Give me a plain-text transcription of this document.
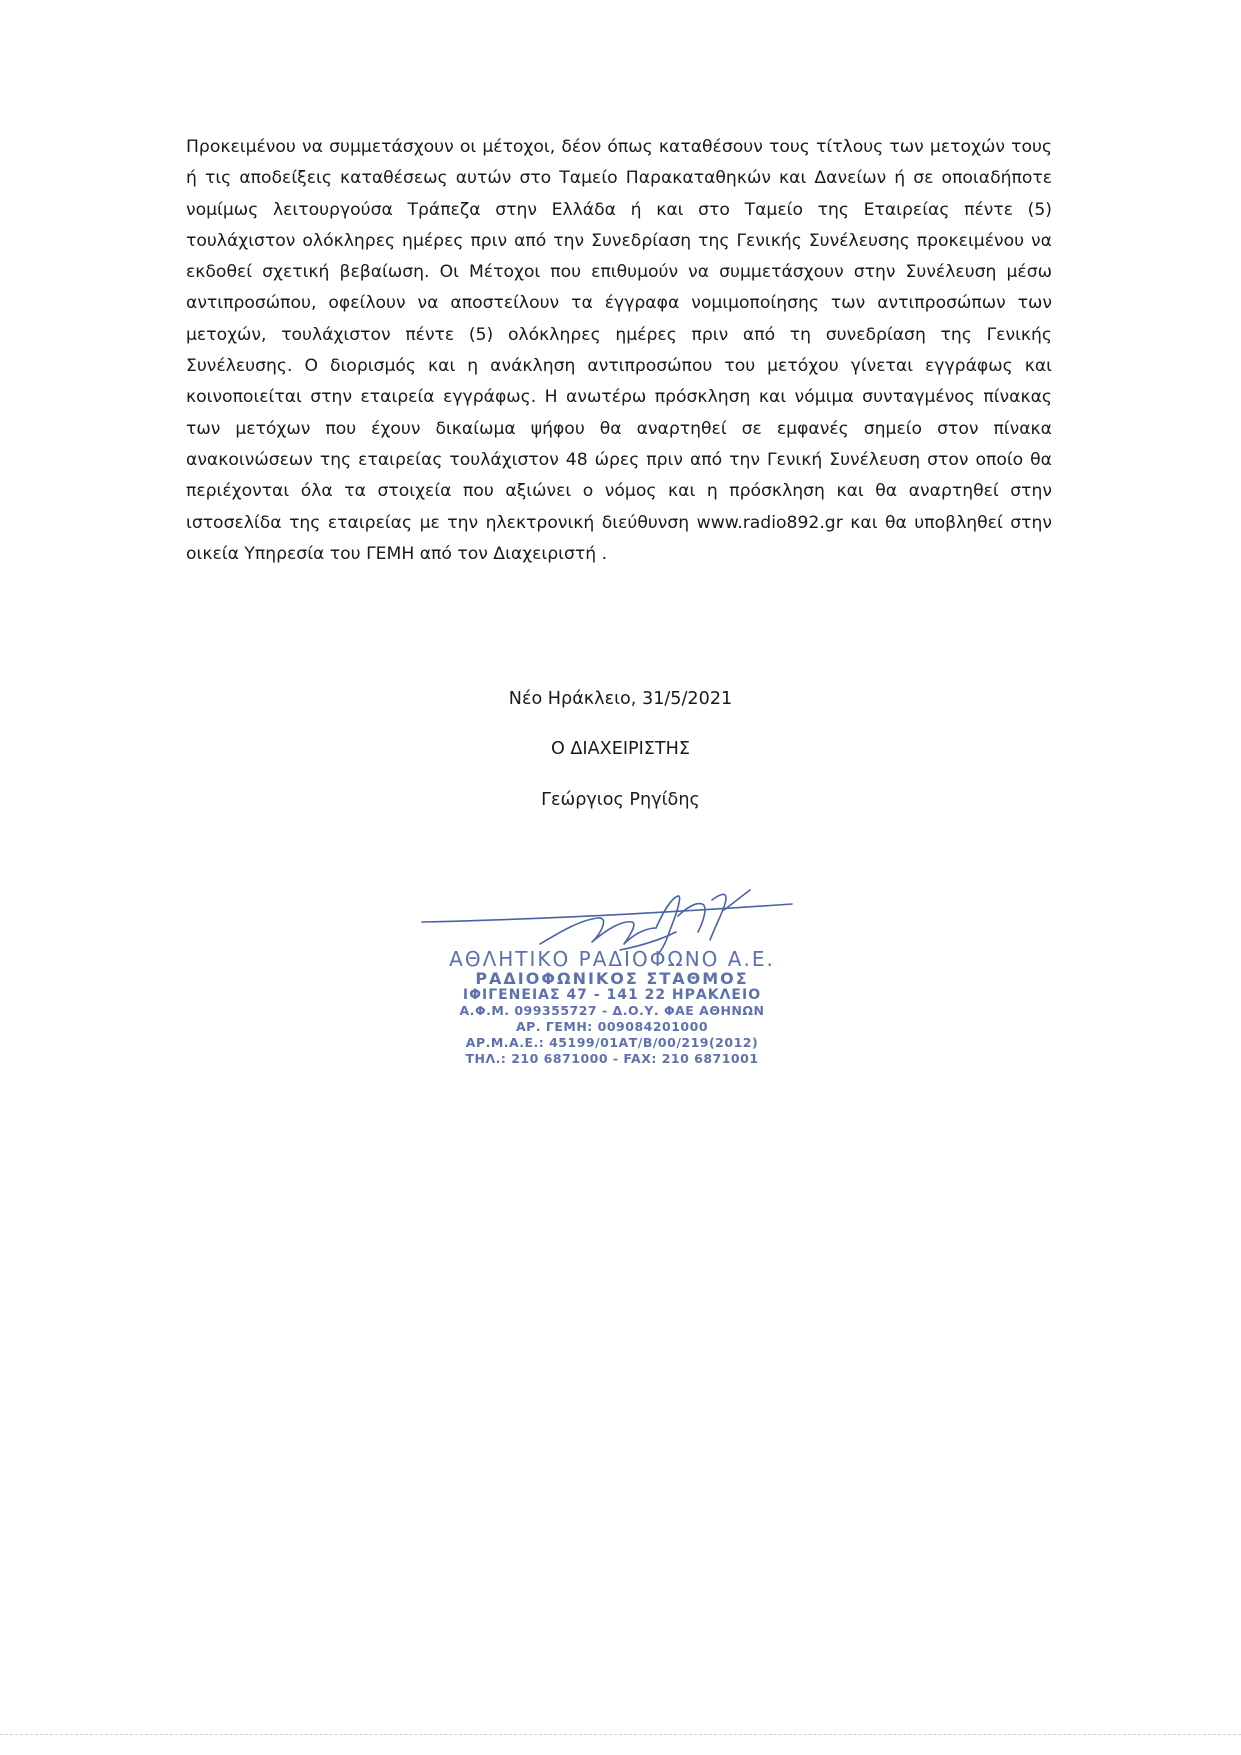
Προκειμένου να συμμετάσχουν οι μέτοχοι, δέον όπως καταθέσουν τους τίτλους των μετοχών τους ή τις αποδείξεις καταθέσεως αυτών στο Ταμείο Παρακαταθηκών και Δανείων ή σε οποιαδήποτε νομίμως λειτουργούσα Τράπεζα στην Ελλάδα ή και στο Ταμείο της Εταιρείας πέντε (5) τουλάχιστον ολόκληρες ημέρες πριν από την Συνεδρίαση της Γενικής Συνέλευσης προκειμένου να εκδοθεί σχετική βεβαίωση. Οι Μέτοχοι που επιθυμούν να συμμετάσχουν στην Συνέλευση μέσω αντιπροσώπου, οφείλουν να αποστείλουν τα έγγραφα νομιμοποίησης των αντιπροσώπων των μετοχών, τουλάχιστον πέντε (5) ολόκληρες ημέρες πριν από τη συνεδρίαση της Γενικής Συνέλευσης. Ο διορισμός και η ανάκληση αντιπροσώπου του μετόχου γίνεται εγγράφως και κοινοποιείται στην εταιρεία εγγράφως. Η ανωτέρω πρόσκληση και νόμιμα συνταγμένος πίνακας των μετόχων που έχουν δικαίωμα ψήφου θα αναρτηθεί σε εμφανές σημείο στον πίνακα ανακοινώσεων της εταιρείας τουλάχιστον 48 ώρες πριν από την Γενική Συνέλευση στον οποίο θα περιέχονται όλα τα στοιχεία που αξιώνει ο νόμος και η πρόσκληση και θα αναρτηθεί στην ιστοσελίδα της εταιρείας με την ηλεκτρονική διεύθυνση www.radio892.gr και θα υποβληθεί στην οικεία Υπηρεσία του ΓΕΜΗ από τον Διαχειριστή .

Νέο Ηράκλειο, 31/5/2021

Ο ΔΙΑΧΕΙΡΙΣΤΗΣ

Γεώργιος Ρηγίδης

ΑΘΛΗΤΙΚΟ ΡΑΔΙΟΦΩΝΟ Α.Ε.
ΡΑΔΙΟΦΩΝΙΚΟΣ ΣΤΑΘΜΟΣ
ΙΦΙΓΕΝΕΙΑΣ 47 - 141 22 ΗΡΑΚΛΕΙΟ
Α.Φ.Μ. 099355727 - Δ.Ο.Υ. ΦΑΕ ΑΘΗΝΩΝ
ΑΡ. ΓΕΜΗ: 009084201000
ΑΡ.Μ.Α.Ε.: 45199/01ΑΤ/Β/00/219(2012)
ΤΗΛ.: 210 6871000 - FAX: 210 6871001
